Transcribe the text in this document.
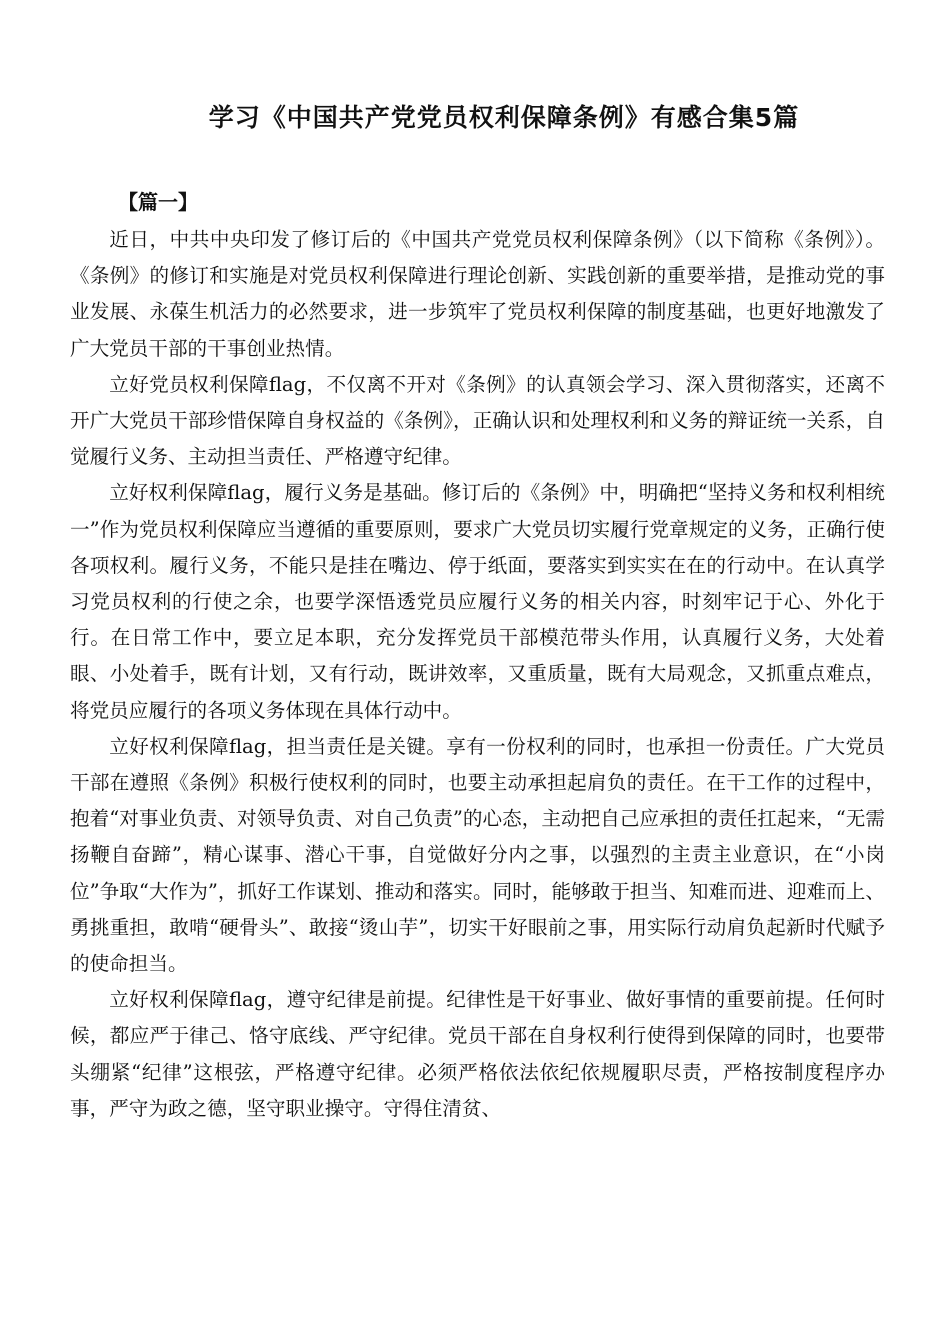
学习《中国共产党党员权利保障条例》有感合集5篇
【篇一】

近日，中共中央印发了修订后的《中国共产党党员权利保障条例》（以下简称《条例》）。《条例》的修订和实施是对党员权利保障进行理论创新、实践创新的重要举措，是推动党的事业发展、永葆生机活力的必然要求，进一步筑牢了党员权利保障的制度基础，也更好地激发了广大党员干部的干事创业热情。

立好党员权利保障flag，不仅离不开对《条例》的认真领会学习、深入贯彻落实，还离不开广大党员干部珍惜保障自身权益的《条例》，正确认识和处理权利和义务的辩证统一关系，自觉履行义务、主动担当责任、严格遵守纪律。

立好权利保障flag，履行义务是基础。修订后的《条例》中，明确把“坚持义务和权利相统一”作为党员权利保障应当遵循的重要原则，要求广大党员切实履行党章规定的义务，正确行使各项权利。履行义务，不能只是挂在嘴边、停于纸面，要落实到实实在在的行动中。在认真学习党员权利的行使之余，也要学深悟透党员应履行义务的相关内容，时刻牢记于心、外化于行。在日常工作中，要立足本职，充分发挥党员干部模范带头作用，认真履行义务，大处着眼、小处着手，既有计划，又有行动，既讲效率，又重质量，既有大局观念，又抓重点难点，将党员应履行的各项义务体现在具体行动中。

立好权利保障flag，担当责任是关键。享有一份权利的同时，也承担一份责任。广大党员干部在遵照《条例》积极行使权利的同时，也要主动承担起肩负的责任。在干工作的过程中，抱着“对事业负责、对领导负责、对自己负责”的心态，主动把自己应承担的责任扛起来，“无需扬鞭自奋蹄”，精心谋事、潜心干事，自觉做好分内之事，以强烈的主责主业意识，在“小岗位”争取“大作为”，抓好工作谋划、推动和落实。同时，能够敢于担当、知难而进、迎难而上、勇挑重担，敢啃“硬骨头”、敢接“烫山芋”，切实干好眼前之事，用实际行动肩负起新时代赋予的使命担当。

立好权利保障flag，遵守纪律是前提。纪律性是干好事业、做好事情的重要前提。任何时候，都应严于律己、恪守底线、严守纪律。党员干部在自身权利行使得到保障的同时，也要带头绷紧“纪律”这根弦，严格遵守纪律。必须严格依法依纪依规履职尽责，严格按制度程序办事，严守为政之德，坚守职业操守。守得住清贫、
